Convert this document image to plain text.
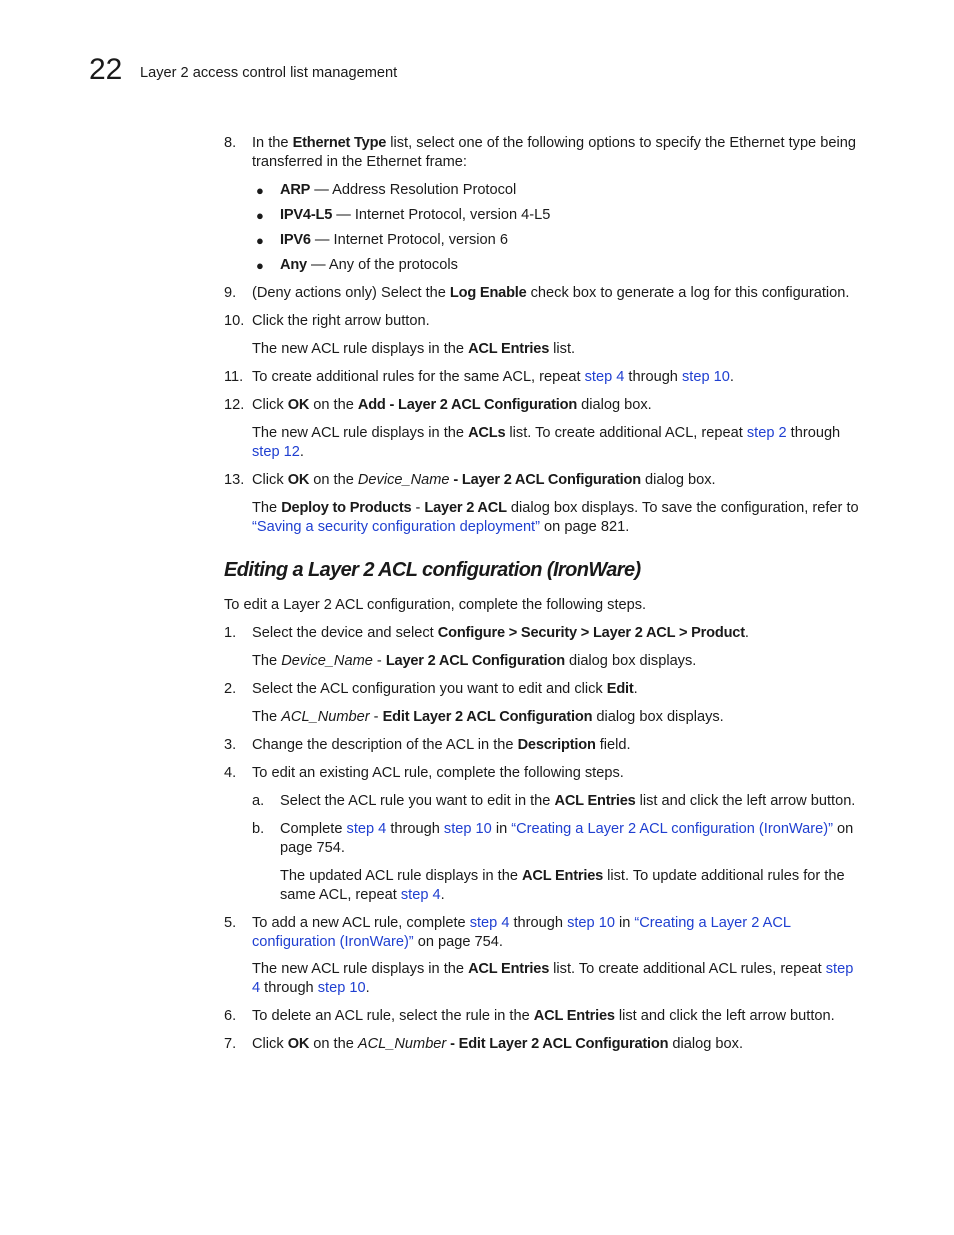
22 Layer 2 access control list management
8.	In the Ethernet Type list, select one of the following options to specify the Ethernet type being transferred in the Ethernet frame:
● ARP — Address Resolution Protocol
● IPV4-L5 — Internet Protocol, version 4-L5
● IPV6 — Internet Protocol, version 6
● Any — Any of the protocols
9.	(Deny actions only) Select the Log Enable check box to generate a log for this configuration.
10. Click the right arrow button.
The new ACL rule displays in the ACL Entries list.
11. To create additional rules for the same ACL, repeat step 4 through step 10.
12. Click OK on the Add - Layer 2 ACL Configuration dialog box.
The new ACL rule displays in the ACLs list. To create additional ACL, repeat step 2 through step 12.
13. Click OK on the Device_Name - Layer 2 ACL Configuration dialog box.
The Deploy to Products - Layer 2 ACL dialog box displays. To save the configuration, refer to “Saving a security configuration deployment” on page 821.
Editing a Layer 2 ACL configuration (IronWare)
To edit a Layer 2 ACL configuration, complete the following steps.
1.	Select the device and select Configure > Security > Layer 2 ACL > Product.
The Device_Name - Layer 2 ACL Configuration dialog box displays.
2.	Select the ACL configuration you want to edit and click Edit.
The ACL_Number - Edit Layer 2 ACL Configuration dialog box displays.
3.	Change the description of the ACL in the Description field.
4.	To edit an existing ACL rule, complete the following steps.
a. Select the ACL rule you want to edit in the ACL Entries list and click the left arrow button.
b. Complete step 4 through step 10 in “Creating a Layer 2 ACL configuration (IronWare)” on page 754.
The updated ACL rule displays in the ACL Entries list. To update additional rules for the same ACL, repeat step 4.
5.	To add a new ACL rule, complete step 4 through step 10 in “Creating a Layer 2 ACL configuration (IronWare)” on page 754.
The new ACL rule displays in the ACL Entries list. To create additional ACL rules, repeat step 4 through step 10.
6.	To delete an ACL rule, select the rule in the ACL Entries list and click the left arrow button.
7.	Click OK on the ACL_Number - Edit Layer 2 ACL Configuration dialog box.
